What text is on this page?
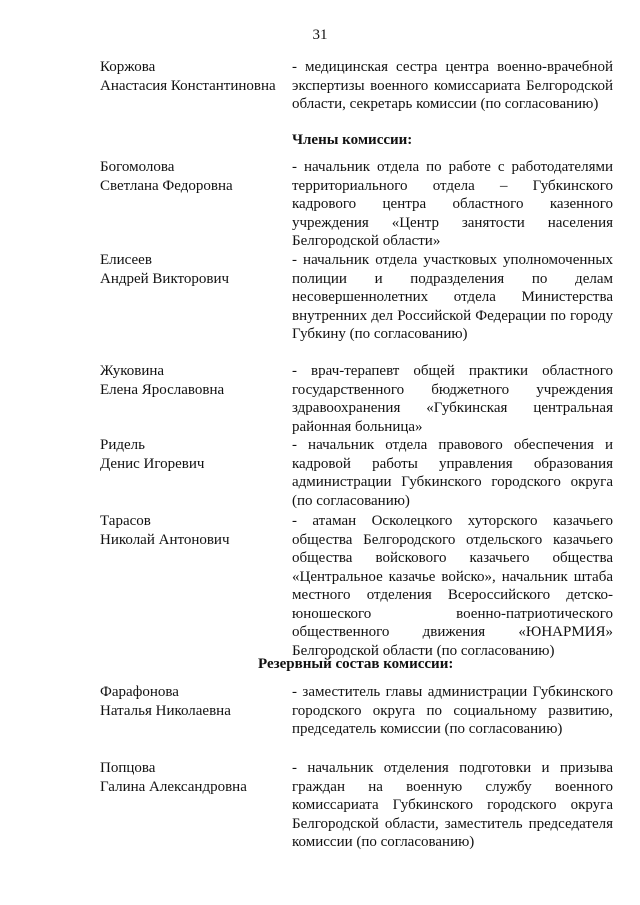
31
Коржова
Анастасия Константиновна
- медицинская сестра центра военно-врачебной экспертизы военного комиссариата Белгородской области, секретарь комиссии (по согласованию)
Члены комиссии:
Богомолова
Светлана Федоровна
- начальник отдела по работе с работодателями территориального отдела – Губкинского кадрового центра областного казенного учреждения «Центр занятости населения Белгородской области»
Елисеев
Андрей Викторович
- начальник отдела участковых уполномоченных полиции и подразделения по делам несовершеннолетних отдела Министерства внутренних дел Российской Федерации по городу Губкину (по согласованию)
Жуковина
Елена Ярославовна
- врач-терапевт общей практики областного государственного бюджетного учреждения здравоохранения «Губкинская центральная районная больница»
Ридель
Денис Игоревич
- начальник отдела правового обеспечения и кадровой работы управления образования администрации Губкинского городского округа (по согласованию)
Тарасов
Николай Антонович
- атаман Осколецкого хуторского казачьего общества Белгородского отдельского казачьего общества войскового казачьего общества «Центральное казачье войско», начальник штаба местного отделения Всероссийского детско-юношеского военно-патриотического общественного движения «ЮНАРМИЯ» Белгородской области (по согласованию)
Резервный состав комиссии:
Фарафонова
Наталья Николаевна
- заместитель главы администрации Губкинского городского округа по социальному развитию, председатель комиссии (по согласованию)
Попцова
Галина Александровна
- начальник отделения подготовки и призыва граждан на военную службу военного комиссариата Губкинского городского округа Белгородской области, заместитель председателя комиссии (по согласованию)
